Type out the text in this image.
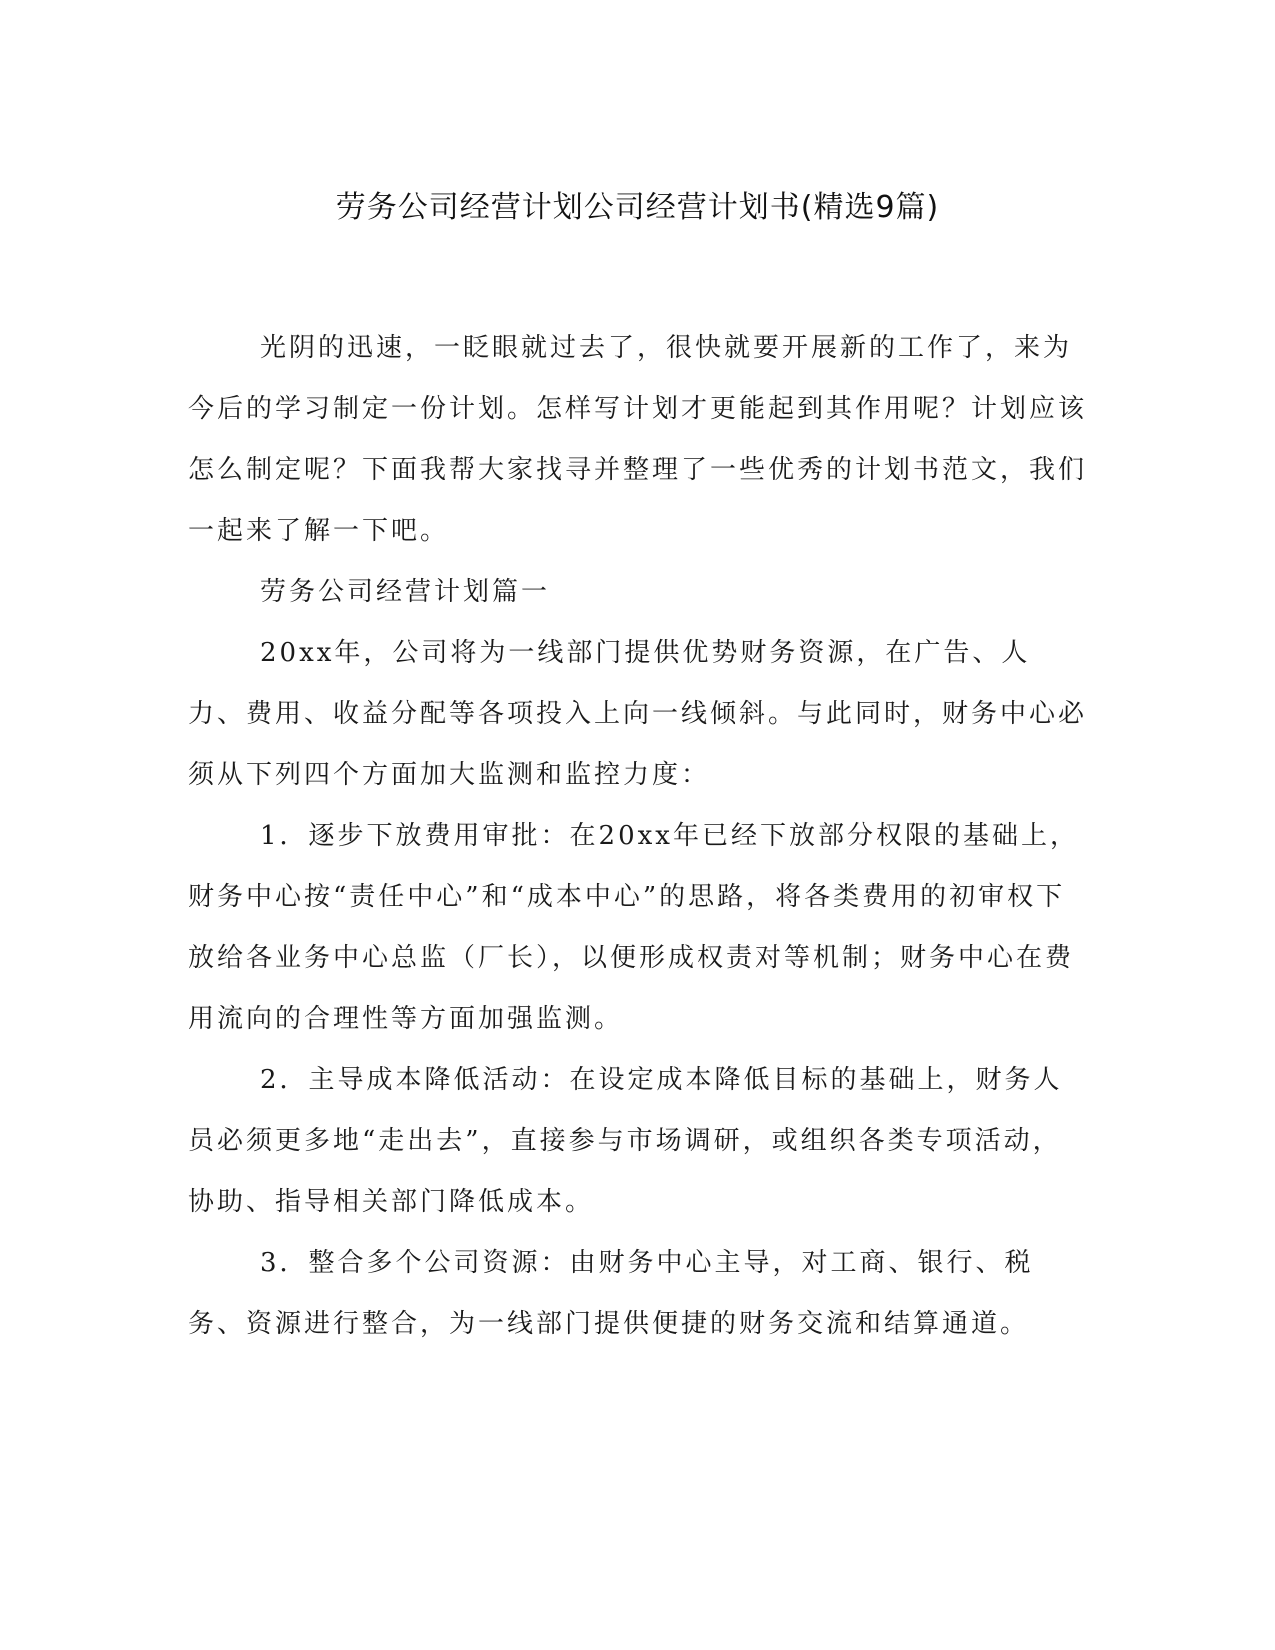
劳务公司经营计划公司经营计划书(精选9篇)

光阴的迅速，一眨眼就过去了，很快就要开展新的工作了，来为今后的学习制定一份计划。怎样写计划才更能起到其作用呢？计划应该怎么制定呢？下面我帮大家找寻并整理了一些优秀的计划书范文，我们一起来了解一下吧。

劳务公司经营计划篇一

20xx年，公司将为一线部门提供优势财务资源，在广告、人力、费用、收益分配等各项投入上向一线倾斜。与此同时，财务中心必须从下列四个方面加大监测和监控力度：

1．逐步下放费用审批：在20xx年已经下放部分权限的基础上，财务中心按“责任中心”和“成本中心”的思路，将各类费用的初审权下放给各业务中心总监（厂长），以便形成权责对等机制；财务中心在费用流向的合理性等方面加强监测。

2．主导成本降低活动：在设定成本降低目标的基础上，财务人员必须更多地“走出去”，直接参与市场调研，或组织各类专项活动，协助、指导相关部门降低成本。

3．整合多个公司资源：由财务中心主导，对工商、银行、税务、资源进行整合，为一线部门提供便捷的财务交流和结算通道。
